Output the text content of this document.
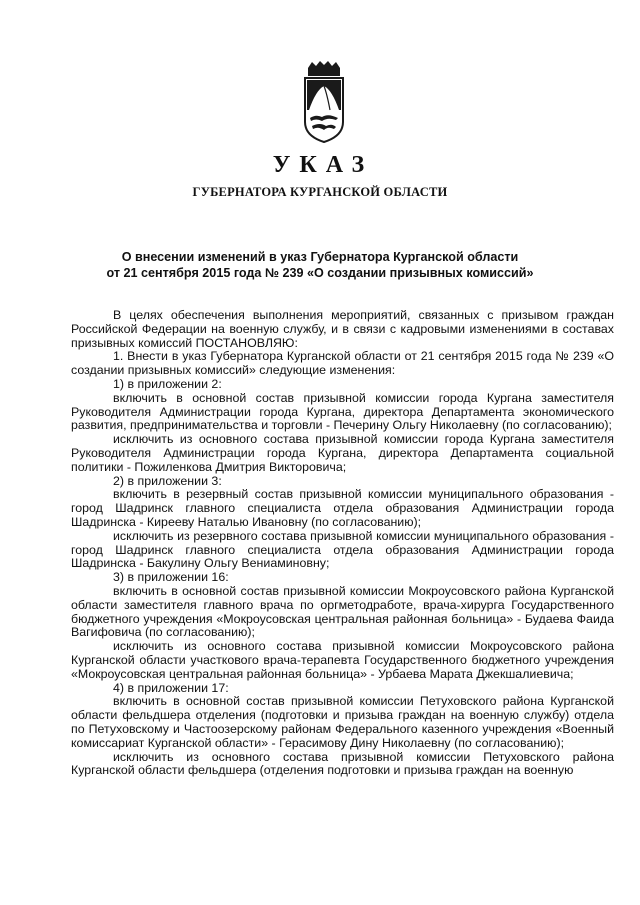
УКАЗ
ГУБЕРНАТОРА КУРГАНСКОЙ ОБЛАСТИ
О внесении изменений в указ Губернатора Курганской области
от 21 сентября 2015 года № 239 «О создании призывных комиссий»

В целях обеспечения выполнения мероприятий, связанных с призывом граждан Российской Федерации на военную службу, и в связи с кадровыми изменениями в составах призывных комиссий ПОСТАНОВЛЯЮ:

1. Внести в указ Губернатора Курганской области от 21 сентября 2015 года № 239 «О создании призывных комиссий» следующие изменения:

1) в приложении 2:

включить в основной состав призывной комиссии города Кургана заместителя Руководителя Администрации города Кургана, директора Департамента экономического развития, предпринимательства и торговли - Печерину Ольгу Николаевну (по согласованию);

исключить из основного состава призывной комиссии города Кургана заместителя Руководителя Администрации города Кургана, директора Департамента социальной политики - Пожиленкова Дмитрия Викторовича;

2) в приложении 3:

включить в резервный состав призывной комиссии муниципального образования - город Шадринск главного специалиста отдела образования Администрации города Шадринска - Кирееву Наталью Ивановну (по согласованию);

исключить из резервного состава призывной комиссии муниципального образования - город Шадринск главного специалиста отдела образования Администрации города Шадринска - Бакулину Ольгу Вениаминовну;

3) в приложении 16:

включить в основной состав призывной комиссии Мокроусовского района Курганской области заместителя главного врача по оргметодработе, врача-хирурга Государственного бюджетного учреждения «Мокроусовская центральная районная больница» - Будаева Фаида Вагифовича (по согласованию);

исключить из основного состава призывной комиссии Мокроусовского района Курганской области участкового врача-терапевта Государственного бюджетного учреждения «Мокроусовская центральная районная больница» - Урбаева Марата Джекшалиевича;

4) в приложении 17:

включить в основной состав призывной комиссии Петуховского района Курганской области фельдшера отделения (подготовки и призыва граждан на военную службу) отдела по Петуховскому и Частоозерскому районам Федерального казенного учреждения «Военный комиссариат Курганской области» - Герасимову Дину Николаевну (по согласованию);

исключить из основного состава призывной комиссии Петуховского района Курганской области фельдшера (отделения подготовки и призыва граждан на военную
